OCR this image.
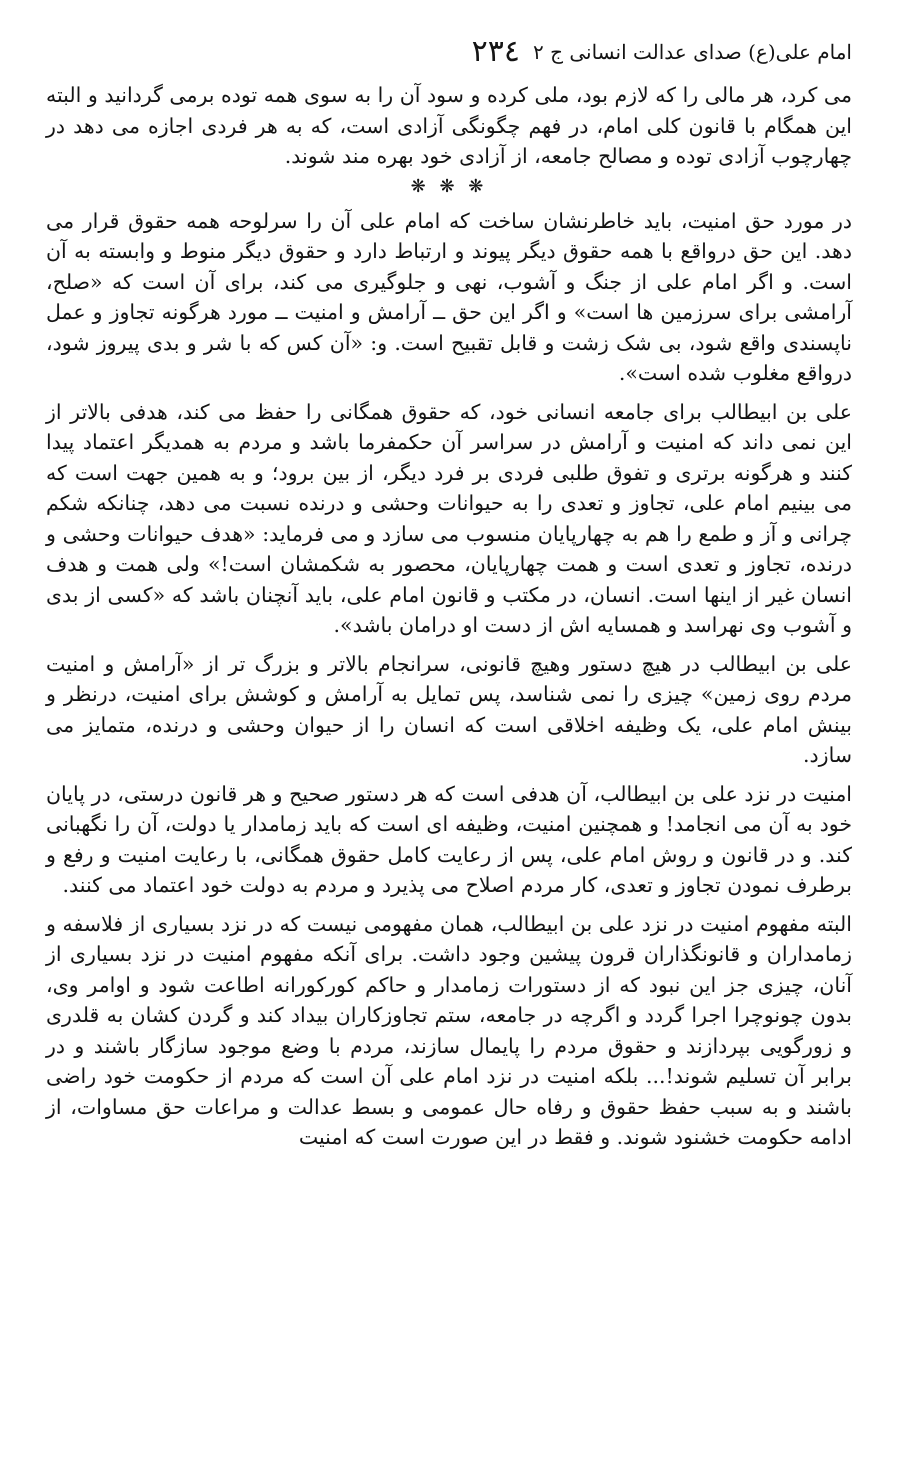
امام علی(ع) صدای عدالت انسانی ج ۲
۲۳٤

می کرد، هر مالی را که لازم بود، ملی کرده و سود آن را به سوی همه توده برمی گردانید و البته این همگام با قانون کلی امام، در فهم چگونگی آزادی است، که به هر فردی اجازه می دهد در چهارچوب آزادی توده و مصالح جامعه، از آزادی خود بهره مند شوند.

❋ ❋ ❋

در مورد حق امنیت، باید خاطرنشان ساخت که امام علی آن را سرلوحه همه حقوق قرار می دهد. این حق درواقع با همه حقوق دیگر پیوند و ارتباط دارد و حقوق دیگر منوط و وابسته به آن است. و اگر امام علی از جنگ و آشوب، نهی و جلوگیری می کند، برای آن است که «صلح، آرامشی برای سرزمین ها است» و اگر این حق ــ آرامش و امنیت ــ مورد هرگونه تجاوز و عمل ناپسندی واقع شود، بی شک زشت و قابل تقبیح است. و: «آن کس که با شر و بدی پیروز شود، درواقع مغلوب شده است».

علی بن ابیطالب برای جامعه انسانی خود، که حقوق همگانی را حفظ می کند، هدفی بالاتر از این نمی داند که امنیت و آرامش در سراسر آن حکمفرما باشد و مردم به همدیگر اعتماد پیدا کنند و هرگونه برتری و تفوق طلبی فردی بر فرد دیگر، از بین برود؛ و به همین جهت است که می بینیم امام علی، تجاوز و تعدی را به حیوانات وحشی و درنده نسبت می دهد، چنانکه شکم چرانی و آز و طمع را هم به چهارپایان منسوب می سازد و می فرماید: «هدف حیوانات وحشی و درنده، تجاوز و تعدی است و همت چهارپایان، محصور به شکمشان است!» ولی همت و هدف انسان غیر از اینها است. انسان، در مکتب و قانون امام علی، باید آنچنان باشد که «کسی از بدی و آشوب وی نهراسد و همسایه اش از دست او درامان باشد».

علی بن ابیطالب در هیچ دستور وهیچ قانونی، سرانجام بالاتر و بزرگ تر از «آرامش و امنیت مردم روی زمین» چیزی را نمی شناسد، پس تمایل به آرامش و کوشش برای امنیت، درنظر و بینش امام علی، یک وظیفه اخلاقی است که انسان را از حیوان وحشی و درنده، متمایز می سازد.

امنیت در نزد علی بن ابیطالب، آن هدفی است که هر دستور صحیح و هر قانون درستی، در پایان خود به آن می انجامد! و همچنین امنیت، وظیفه ای است که باید زمامدار یا دولت، آن را نگهبانی کند. و در قانون و روش امام علی، پس از رعایت کامل حقوق همگانی، با رعایت امنیت و رفع و برطرف نمودن تجاوز و تعدی، کار مردم اصلاح می پذیرد و مردم به دولت خود اعتماد می کنند.

البته مفهوم امنیت در نزد علی بن ابیطالب، همان مفهومی نیست که در نزد بسیاری از فلاسفه و زمامداران و قانونگذاران قرون پیشین وجود داشت. برای آنکه مفهوم امنیت در نزد بسیاری از آنان، چیزی جز این نبود که از دستورات زمامدار و حاکم کورکورانه اطاعت شود و اوامر وی، بدون چونوچرا اجرا گردد و اگرچه در جامعه، ستم تجاوزکاران بیداد کند و گردن کشان به قلدری و زورگویی بپردازند و حقوق مردم را پایمال سازند، مردم با وضع موجود سازگار باشند و در برابر آن تسلیم شوند!... بلکه امنیت در نزد امام علی آن است که مردم از حکومت خود راضی باشند و به سبب حفظ حقوق و رفاه حال عمومی و بسط عدالت و مراعات حق مساوات، از ادامه حکومت خشنود شوند. و فقط در این صورت است که امنیت
